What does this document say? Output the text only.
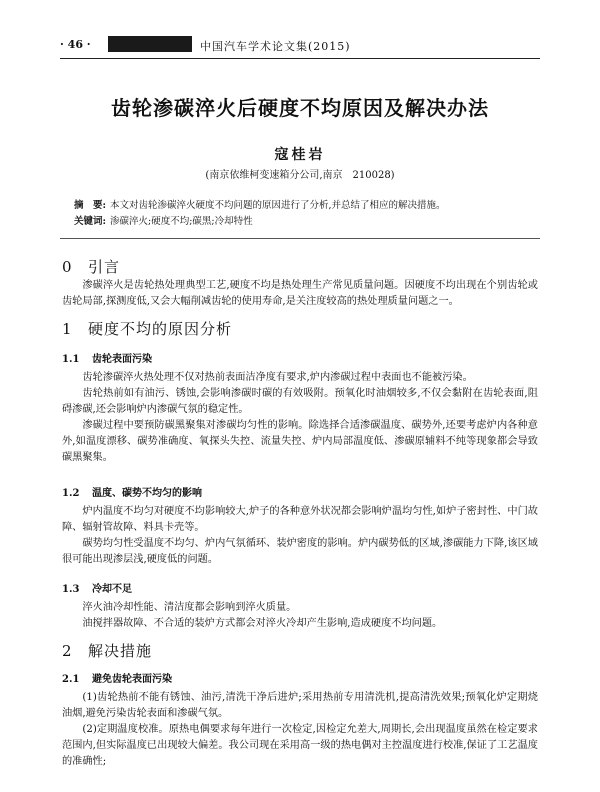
· 46 ·	中国汽车学术论文集(2015)
齿轮渗碳淬火后硬度不均原因及解决办法
寇桂岩
(南京依维柯变速箱分公司,南京　210028)
摘　要: 本文对齿轮渗碳淬火硬度不均问题的原因进行了分析,并总结了相应的解决措施。
关键词: 渗碳淬火;硬度不均;碳黑;冷却特性
0 引言

渗碳淬火是齿轮热处理典型工艺,硬度不均是热处理生产常见质量问题。因硬度不均出现在个别齿轮或齿轮局部,探测度低,又会大幅削减齿轮的使用寿命,是关注度较高的热处理质量问题之一。

1 硬度不均的原因分析
1.1 齿轮表面污染

齿轮渗碳淬火热处理不仅对热前表面洁净度有要求,炉内渗碳过程中表面也不能被污染。

齿轮热前如有油污、锈蚀,会影响渗碳时碳的有效吸附。预氧化时油烟较多,不仅会黏附在齿轮表面,阻碍渗碳,还会影响炉内渗碳气氛的稳定性。

渗碳过程中要预防碳黑聚集对渗碳均匀性的影响。除选择合适渗碳温度、碳势外,还要考虑炉内各种意外,如温度漂移、碳势准确度、氧探头失控、流量失控、炉内局部温度低、渗碳原辅料不纯等现象都会导致碳黑聚集。

1.2 温度、碳势不均匀的影响

炉内温度不均匀对硬度不均影响较大,炉子的各种意外状况都会影响炉温均匀性,如炉子密封性、中门故障、辐射管故障、料具卡壳等。

碳势均匀性受温度不均匀、炉内气氛循环、装炉密度的影响。炉内碳势低的区域,渗碳能力下降,该区域很可能出现渗层浅,硬度低的问题。

1.3 冷却不足

淬火油冷却性能、清洁度都会影响到淬火质量。

油搅拌器故障、不合适的装炉方式都会对淬火冷却产生影响,造成硬度不均问题。

2 解决措施
2.1 避免齿轮表面污染

(1)齿轮热前不能有锈蚀、油污,清洗干净后进炉;采用热前专用清洗机,提高清洗效果;预氧化炉定期烧油烟,避免污染齿轮表面和渗碳气氛。

(2)定期温度校准。原热电偶要求每年进行一次检定,因检定允差大,周期长,会出现温度虽然在检定要求范围内,但实际温度已出现较大偏差。我公司现在采用高一级的热电偶对主控温度进行校准,保证了工艺温度的准确性;
